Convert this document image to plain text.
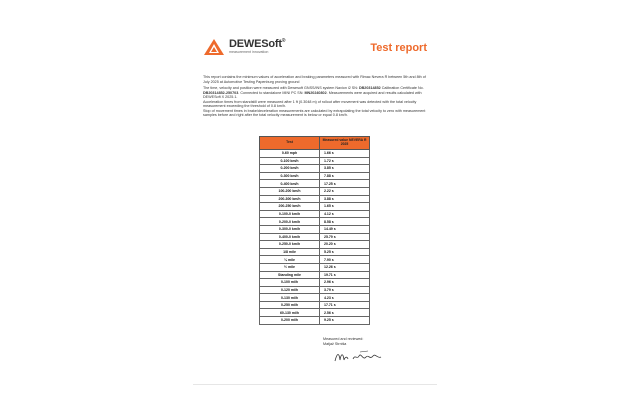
DEWESoft®
measurement innovation	Test report

This report contains the minimum values of acceleration and braking parameters measured with Rimac Nevera R between 5th and 8th of July 2025 at Automotive Testing Papenburg proving ground

The time, velocity and position were measured with Dewesoft GNSS/INS system Navion i2 SN: DB20314852 Calibration Certificate No. DB20314852-250703. Connected to standalone MINI PC SN: MN20240802. Measurements were acquired and results calculated with DEWESoft X 2025.1.
Acceleration times from standstill were measured after 1 ft (0.3048 m) of rollout after movement was detected with the total velocity measurement exceeding the threshold of 0.8 km/h.
Stop of movement times in brake/deceleration measurements are calculated by extrapolating the total velocity to zero with measurement samples before and right after the total velocity measurement is below or equal 0.8 km/h.

Test	Measured value NEVERA R 2025
0-60 mph	1.66 s
0-100 km/h	1.72 s
0-200 km/h	3.85 s
0-300 km/h	7.88 s
0-400 km/h	17.25 s
100-200 km/h	2.22 s
200-300 km/h	3.88 s
200-250 km/h	1.65 s
0-100-0 km/h	4.12 s
0-200-0 km/h	8.58 s
0-300-0 km/h	14.49 s
0-400-0 km/h	25.79 s
0-250-0 km/h	20.20 s
1/8 mile	5.25 s
¼ mile	7.90 s
½ mile	12.26 s
Standing mile	19.71 s
0-100 mi/h	2.96 s
0-120 mi/h	3.79 s
0-130 mi/h	4.23 s
0-250 mi/h	17.71 s
60-130 mi/h	2.56 s
0-200 mi/h	9.25 s
Measured and reviewed:
Matjaž Strniša
